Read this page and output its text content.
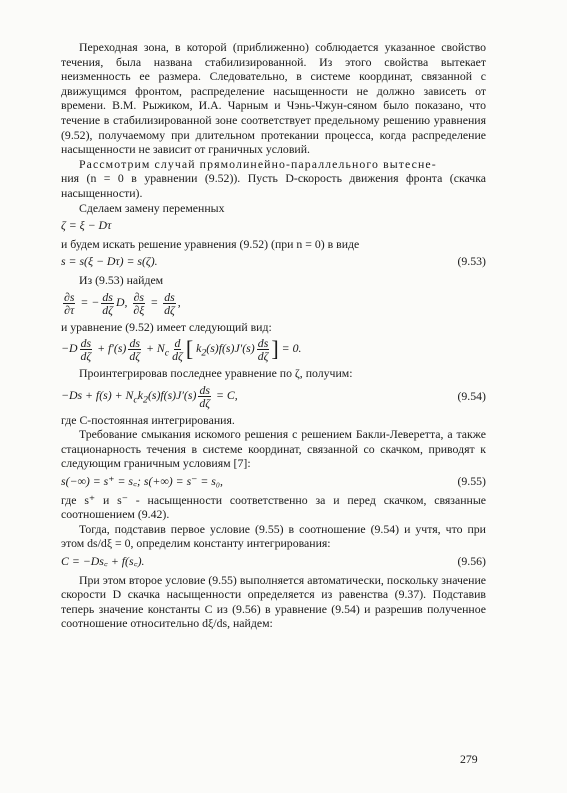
Переходная зона, в которой (приближенно) соблюдается указанное свойство течения, была названа стабилизированной. Из этого свойства вытекает неизменность ее размера. Следовательно, в системе координат, связанной с движущимся фронтом, распределение насыщенности не должно зависеть от времени. В.М. Рыжиком, И.А. Чарным и Чэнь-Чжун-сяном было показано, что течение в стабилизированной зоне соответствует предельному решению уравнения (9.52), получаемому при длительном протекании процесса, когда распределение насыщенности не зависит от граничных условий.

Рассмотрим случай прямолинейно-параллельного вытесне-

ния (n = 0 в уравнении (9.52)). Пусть D-скорость движения фронта (скачка насыщенности).

Сделаем замену переменных

ζ = ξ − Dτ

и будем искать решение уравнения (9.52) (при n = 0) в виде

s = s(ξ − Dτ) = s(ζ).	(9.53)

Из (9.53) найдем

$\frac{\partial s}{\partial\tau}$ = − $\frac{ds}{d\zeta} D$, $\frac{\partial s}{\partial\xi} = \frac{ds}{d\zeta}$ ,

и уравнение (9.52) имеет следующий вид:

$-D \frac{ds}{d\zeta} + f'(s) \frac{ds}{d\zeta} + N_c \frac{d}{d\zeta}$ [ $k_2(s)f(s)J'(s) \frac{ds}{d\zeta}$ ] = 0.

Проинтегрировав последнее уравнение по ζ, получим:

$-Ds + f(s) + N_ck_2(s)f(s)J'(s) \frac{ds}{d\zeta} = C$,	(9.54)

где C-постоянная интегрирования.

Требование смыкания искомого решения с решением Бакли-Леверетта, а также стационарность течения в системе координат, связанной со скачком, приводят к следующим граничным условиям [7]:

s(−∞) = s⁺ = s꜀; s(+∞) = s⁻ = s₀,	(9.55)

где s⁺ и s⁻ - насыщенности соответственно за и перед скачком, связанные соотношением (9.42).

Тогда, подставив первое условие (9.55) в соотношение (9.54) и учтя, что при этом ds/dξ = 0, определим константу интегрирования:

C = −Ds꜀ + f(s꜀).	(9.56)

При этом второе условие (9.55) выполняется автоматически, поскольку значение скорости D скачка насыщенности определяется из равенства (9.37). Подставив теперь значение константы C из (9.56) в уравнение (9.54) и разрешив полученное соотношение относительно dξ/ds, найдем:

279
